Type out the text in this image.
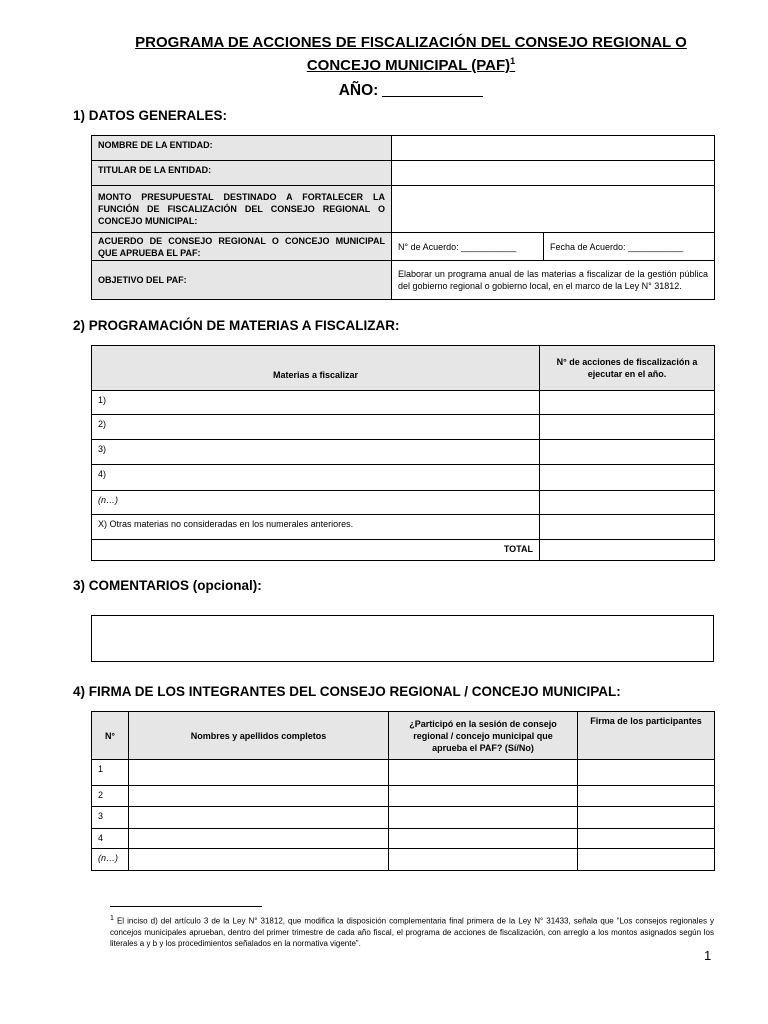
PROGRAMA DE ACCIONES DE FISCALIZACIÓN DEL CONSEJO REGIONAL O
CONCEJO MUNICIPAL (PAF)$^1$
AÑO:
1) DATOS GENERALES:
NOMBRE DE LA ENTIDAD:		
TITULAR DE LA ENTIDAD:		
MONTO PRESUPUESTAL DESTINADO A FORTALECER LA FUNCIÓN DE FISCALIZACIÓN DEL CONSEJO REGIONAL O CONCEJO MUNICIPAL:		
ACUERDO DE CONSEJO REGIONAL O CONCEJO MUNICIPAL QUE APRUEBA EL PAF:	N° de Acuerdo: ___________	Fecha de Acuerdo: ___________
OBJETIVO DEL PAF:	Elaborar un programa anual de las materias a fiscalizar de la gestión pública del gobierno regional o gobierno local, en el marco de la Ley N° 31812.	
2) PROGRAMACIÓN DE MATERIAS A FISCALIZAR:
Materias a fiscalizar	N° de acciones de fiscalización a ejecutar en el año.
1)	
2)	
3)	
4)	
(n…)	
X) Otras materias no consideradas en los numerales anteriores.	
TOTAL	
3) COMENTARIOS (opcional):
4) FIRMA DE LOS INTEGRANTES DEL CONSEJO REGIONAL / CONCEJO MUNICIPAL:
N°	Nombres y apellidos completos	¿Participó en la sesión de consejo regional / concejo municipal que aprueba el PAF? (Sí/No)	Firma de los participantes
1			
2			
3			
4			
(n…)			
$^1$ El inciso d) del artículo 3 de la Ley N° 31812, que modifica la disposición complementaria final primera de la Ley N° 31433, señala que “Los consejos regionales y concejos municipales aprueban, dentro del primer trimestre de cada año fiscal, el programa de acciones de fiscalización, con arreglo a los montos asignados según los literales a y b y los procedimientos señalados en la normativa vigente”.
1
